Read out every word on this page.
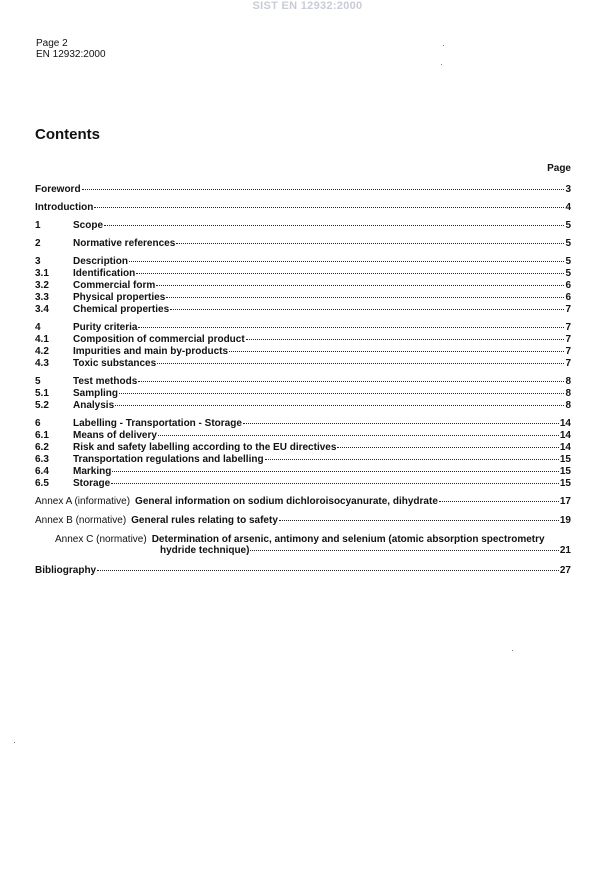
SIST EN 12932:2000
Page 2
EN 12932:2000
Contents
Page
Foreword	3
Introduction	4
1	Scope	5
2	Normative references	5
3	Description	5
3.1	Identification	5
3.2	Commercial form	6
3.3	Physical properties	6
3.4	Chemical properties	7
4	Purity criteria	7
4.1	Composition of commercial product	7
4.2	Impurities and main by-products	7
4.3	Toxic substances	7
5	Test methods	8
5.1	Sampling	8
5.2	Analysis	8
6	Labelling - Transportation - Storage	14
6.1	Means of delivery	14
6.2	Risk and safety labelling according to the EU directives	14
6.3	Transportation regulations and labelling	15
6.4	Marking	15
6.5	Storage	15
Annex A (informative) General information on sodium dichloroisocyanurate, dihydrate	17
Annex B (normative) General rules relating to safety	19
Annex C (normative) Determination of arsenic, antimony and selenium (atomic absorption spectrometry
hydride technique)	21
Bibliography	27
